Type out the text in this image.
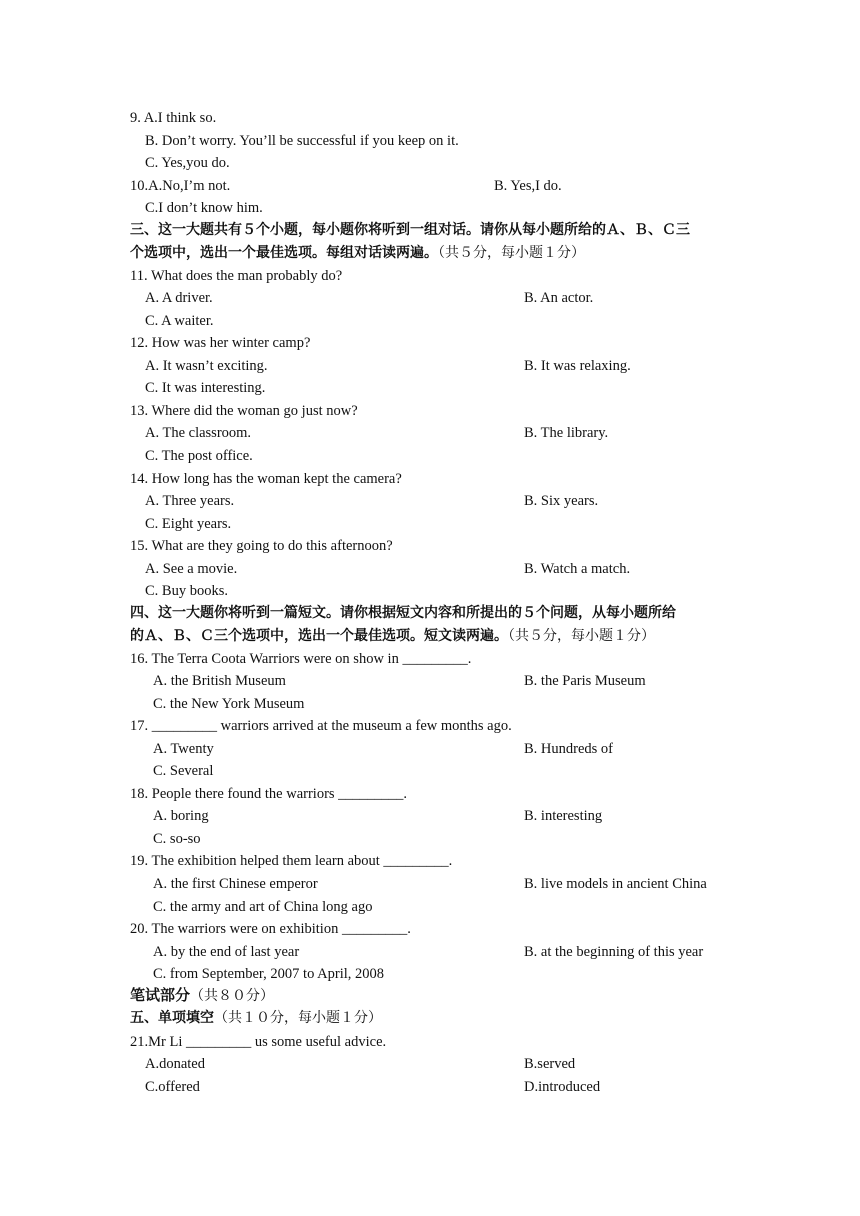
9. A.I think so.
B. Don’t worry. You’ll be successful if you keep on it.
C. Yes,you do.
10.A.No,I’m not.	B. Yes,I do.
C.I don’t know him.
三、这一大题共有５个小题，每小题你将听到一组对话。请你从每小题所给的Ａ、Ｂ、Ｃ三
个选项中，选出一个最佳选项。每组对话读两遍。（共５分，每小题１分）
11. What does the man probably do?
A. A driver.	B. An actor.
C. A waiter.
12. How was her winter camp?
A. It wasn’t exciting.	B. It was relaxing.
C. It was interesting.
13. Where did the woman go just now?
A. The classroom.	B. The library.
C. The post office.
14. How long has the woman kept the camera?
A. Three years.	B. Six years.
C. Eight years.
15. What are they going to do this afternoon?
A. See a movie.	B. Watch a match.
C. Buy books.
四、这一大题你将听到一篇短文。请你根据短文内容和所提出的５个问题，从每小题所给
的Ａ、Ｂ、Ｃ三个选项中，选出一个最佳选项。短文读两遍。（共５分，每小题１分）
16. The Terra Coota Warriors were on show in _________.
A. the British Museum	B. the Paris Museum
C. the New York Museum
17. _________ warriors arrived at the museum a few months ago.
A. Twenty	B. Hundreds of
C. Several
18. People there found the warriors _________.
A. boring	B. interesting
C. so-so
19. The exhibition helped them learn about _________.
A. the first Chinese emperor	B. live models in ancient China
C. the army and art of China long ago
20. The warriors were on exhibition _________.
A. by the end of last year	B. at the beginning of this year
C. from September, 2007 to April, 2008
笔试部分（共８０分）
五、单项填空（共１０分，每小题１分）
21.Mr Li _________ us some useful advice.
A.donated	B.served
C.offered	D.introduced
